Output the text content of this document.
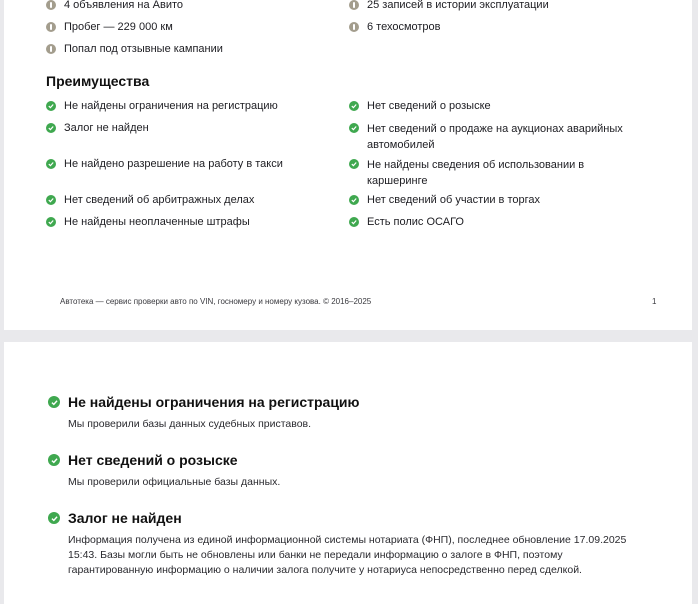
4 объявления на Авито
Пробег — 229 000 км
Попал под отзывные кампании
25 записей в истории эксплуатации
6 техосмотров
Преимущества
Не найдены ограничения на регистрацию
Залог не найден
Не найдено разрешение на работу в такси
Нет сведений об арбитражных делах
Не найдены неоплаченные штрафы
Нет сведений о розыске
Нет сведений о продаже на аукционах аварийных автомобилей
Не найдены сведения об использовании в каршеринге
Нет сведений об участии в торгах
Есть полис ОСАГО
Автотека — сервис проверки авто по VIN, госномеру и номеру кузова. © 2016–2025	1
Не найдены ограничения на регистрацию
Мы проверили базы данных судебных приставов.
Нет сведений о розыске
Мы проверили официальные базы данных.
Залог не найден
Информация получена из единой информационной системы нотариата (ФНП), последнее обновление 17.09.2025 15:43. Базы могли быть не обновлены или банки не передали информацию о залоге в ФНП, поэтому гарантированную информацию о наличии залога получите у нотариуса непосредственно перед сделкой.
